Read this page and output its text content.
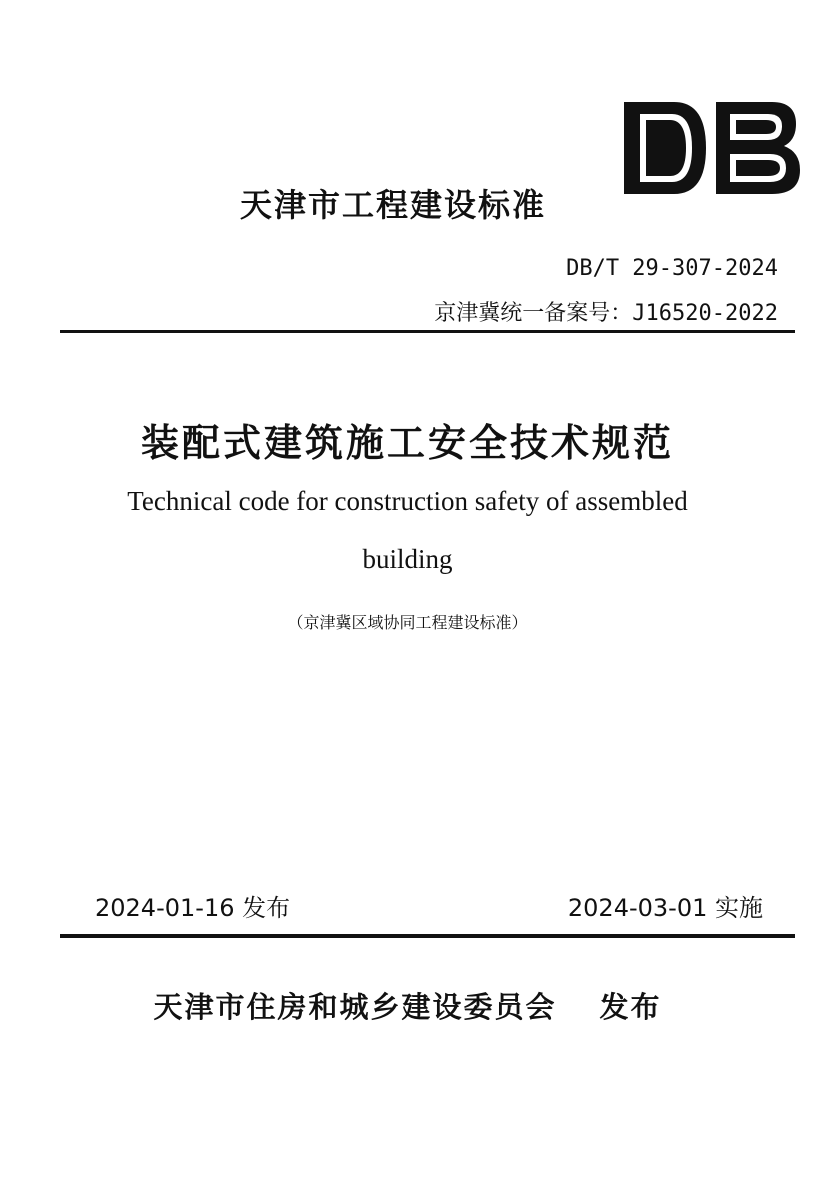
天津市工程建设标准
DB/T 29-307-2024
京津冀统一备案号：J16520-2022
装配式建筑施工安全技术规范
Technical code for construction safety of assembled
building
（京津冀区域协同工程建设标准）
2024-01-16 发布	2024-03-01 实施
天津市住房和城乡建设委员会　 发布
